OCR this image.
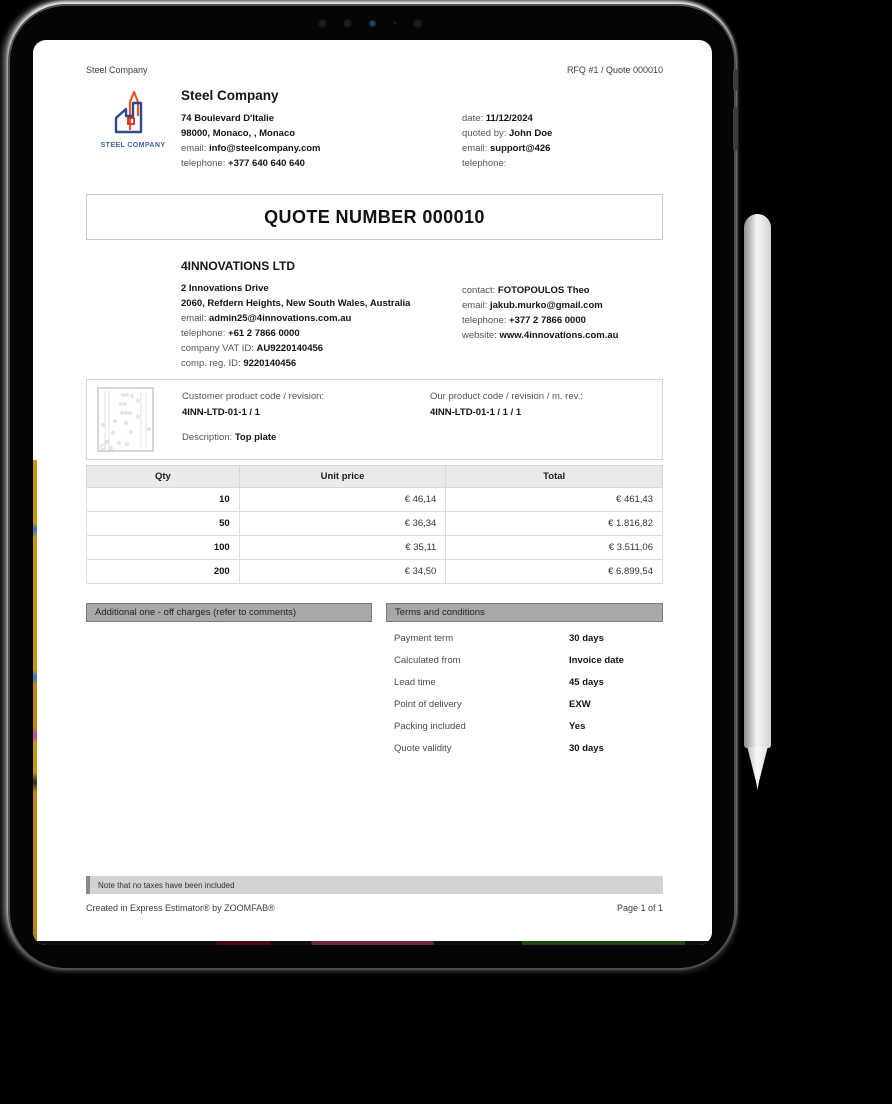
Steel Company	RFQ #1 / Quote 000010
STEEL COMPANY
Steel Company
74 Boulevard D'Italie
98000, Monaco, , Monaco
email: info@steelcompany.com
telephone: +377 640 640 640
date: 11/12/2024
quoted by: John Doe
email: support@426
telephone:
QUOTE NUMBER 000010
4INNOVATIONS LTD
2 Innovations Drive
2060, Refdern Heights, New South Wales, Australia
email: admin25@4innovations.com.au
telephone: +61 2 7866 0000
company VAT ID: AU9220140456
comp. reg. ID: 9220140456
contact: FOTOPOULOS Theo
email: jakub.murko@gmail.com
telephone: +377 2 7866 0000
website: www.4innovations.com.au
Customer product code / revision:
4INN-LTD-01-1 / 1
Description: Top plate
Our product code / revision / m. rev.:
4INN-LTD-01-1 / 1 / 1
Qty	Unit price	Total
10	€ 46,14	€ 461,43
50	€ 36,34	€ 1.816,82
100	€ 35,11	€ 3.511,06
200	€ 34,50	€ 6.899,54
Additional one - off charges (refer to comments)	Terms and conditions
Payment term	30 days
Calculated from	Invoice date
Lead time	45 days
Point of delivery	EXW
Packing included	Yes
Quote validity	30 days
Note that no taxes have been included
Created in Express Estimator® by ZOOMFAB®	Page 1 of 1
